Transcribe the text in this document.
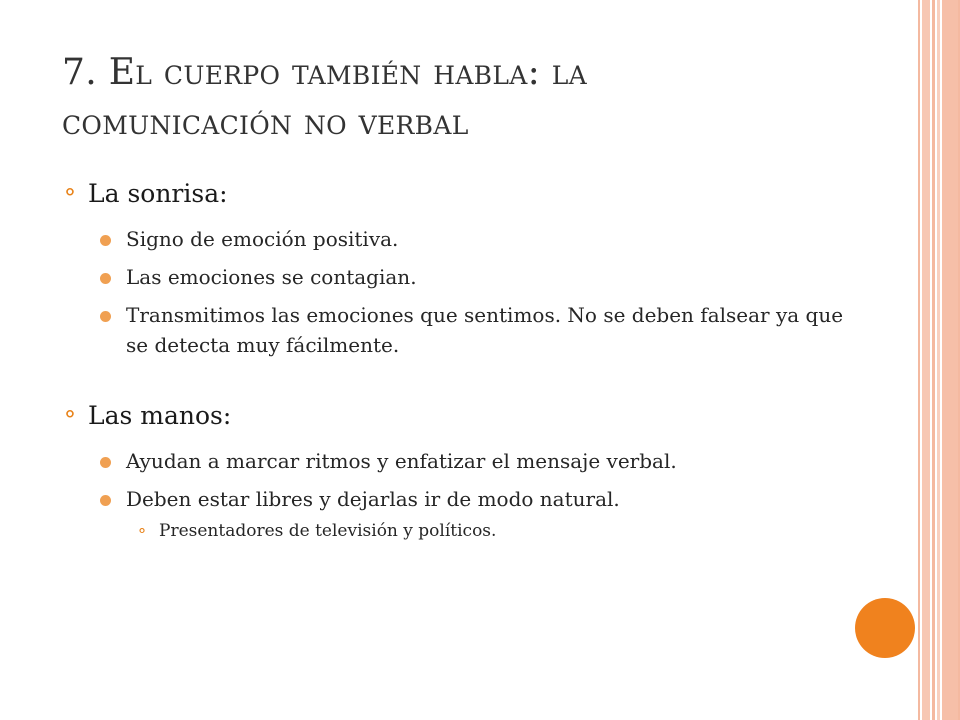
7. El cuerpo también habla: la
comunicación no verbal
⚬ La sonrisa:
Signo de emoción positiva.
Las emociones se contagian.
Transmitimos las emociones que sentimos. No se deben falsear ya que se detecta muy fácilmente.
⚬ Las manos:
Ayudan a marcar ritmos y enfatizar el mensaje verbal.
Deben estar libres y dejarlas ir de modo natural.
⚬ Presentadores de televisión y políticos.
